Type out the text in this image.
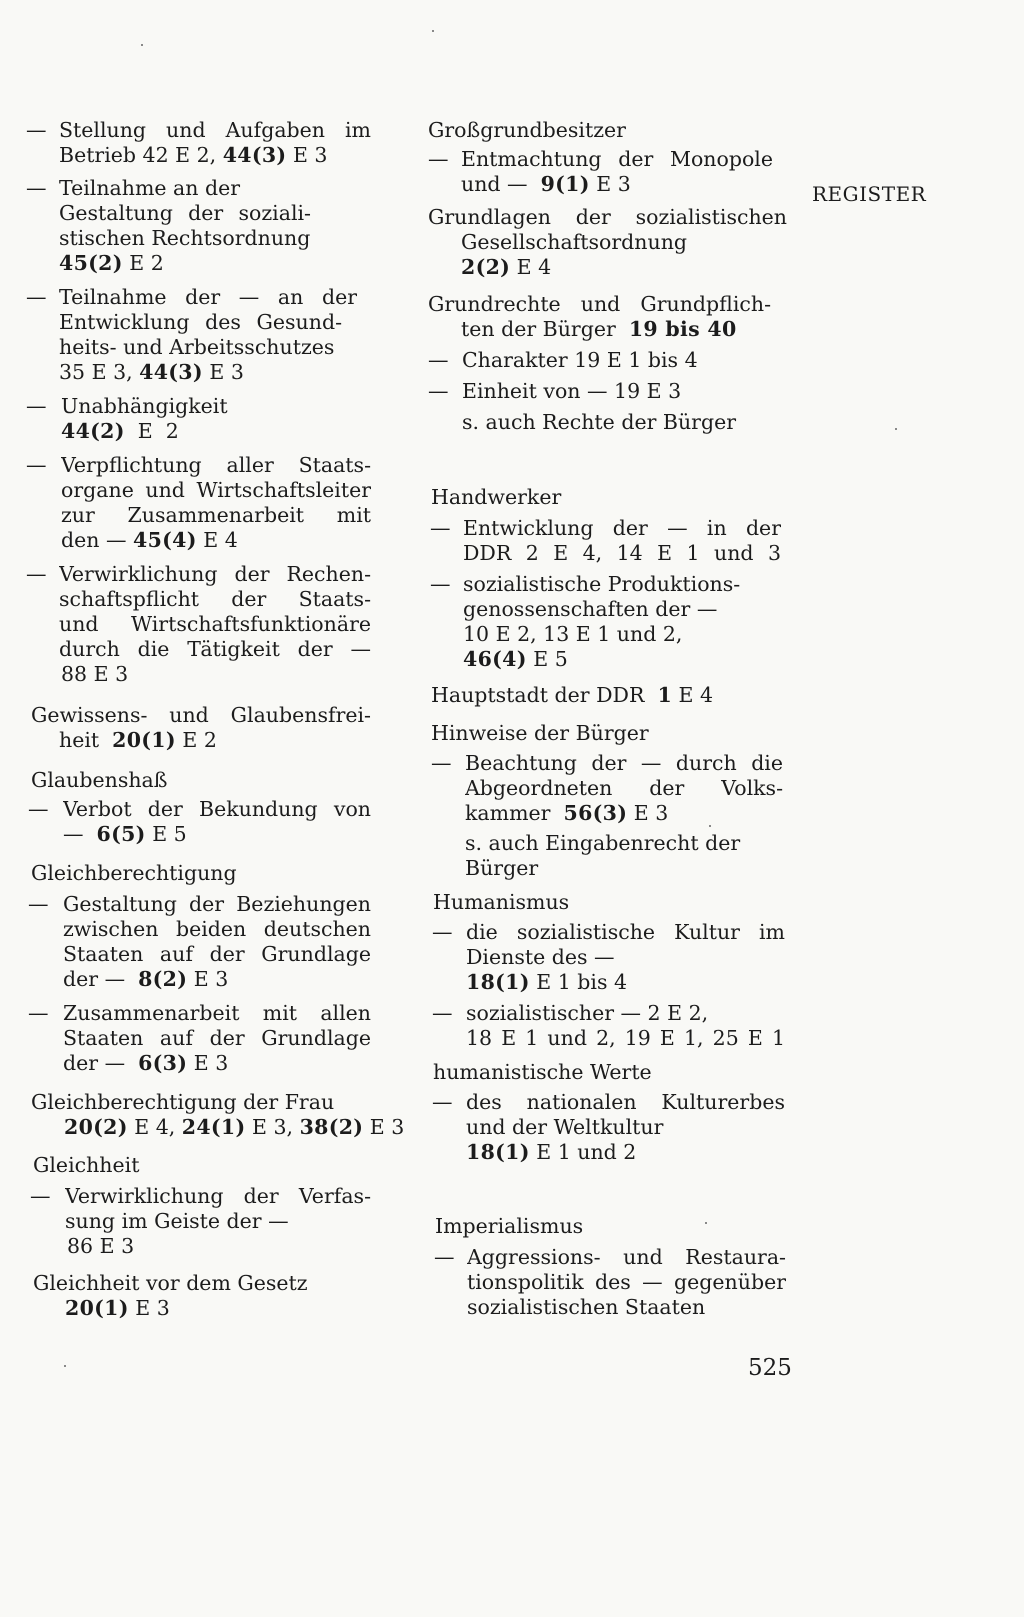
REGISTER
— Stellung und Aufgaben im
Betrieb 42 E 2, 44(3) E 3
— Teilnahme an der
Gestaltung der soziali-
stischen Rechtsordnung
45(2) E 2
— Teilnahme der — an der
Entwicklung des Gesund-
heits- und Arbeitsschutzes
35 E 3, 44(3) E 3
— Unabhängigkeit
44(2)  E  2
— Verpflichtung aller Staats-
organe und Wirtschaftsleiter
zur Zusammenarbeit mit
den — 45(4) E 4
— Verwirklichung der Rechen-
schaftspflicht der Staats-
und Wirtschaftsfunktionäre
durch die Tätigkeit der —
88 E 3
Gewissens- und Glaubensfrei-
heit  20(1) E 2
Glaubenshaß
— Verbot der Bekundung von
—  6(5) E 5
Gleichberechtigung
— Gestaltung der Beziehungen
zwischen beiden deutschen
Staaten auf der Grundlage
der —  8(2) E 3
— Zusammenarbeit mit allen
Staaten auf der Grundlage
der —  6(3) E 3
Gleichberechtigung der Frau
20(2) E 4, 24(1) E 3, 38(2) E 3
Gleichheit
— Verwirklichung der Verfas-
sung im Geiste der —
86 E 3
Gleichheit vor dem Gesetz
20(1) E 3
Großgrundbesitzer
— Entmachtung der Monopole
und —  9(1) E 3
Grundlagen der sozialistischen
Gesellschaftsordnung
2(2) E 4
Grundrechte und Grundpflich-
ten der Bürger  19 bis 40
— Charakter 19 E 1 bis 4
— Einheit von — 19 E 3
s. auch Rechte der Bürger
Handwerker
— Entwicklung der — in der
DDR 2 E 4, 14 E 1 und 3
— sozialistische Produktions-
genossenschaften der —
10 E 2, 13 E 1 und 2,
46(4) E 5
Hauptstadt der DDR  1 E 4
Hinweise der Bürger
— Beachtung der — durch die
Abgeordneten der Volks-
kammer  56(3) E 3
s. auch Eingabenrecht der
Bürger
Humanismus
— die sozialistische Kultur im
Dienste des —
18(1) E 1 bis 4
— sozialistischer — 2 E 2,
18 E 1 und 2, 19 E 1, 25 E 1
humanistische Werte
— des nationalen Kulturerbes
und der Weltkultur
18(1) E 1 und 2
Imperialismus
— Aggressions- und Restaura-
tionspolitik des — gegenüber
sozialistischen Staaten
525
